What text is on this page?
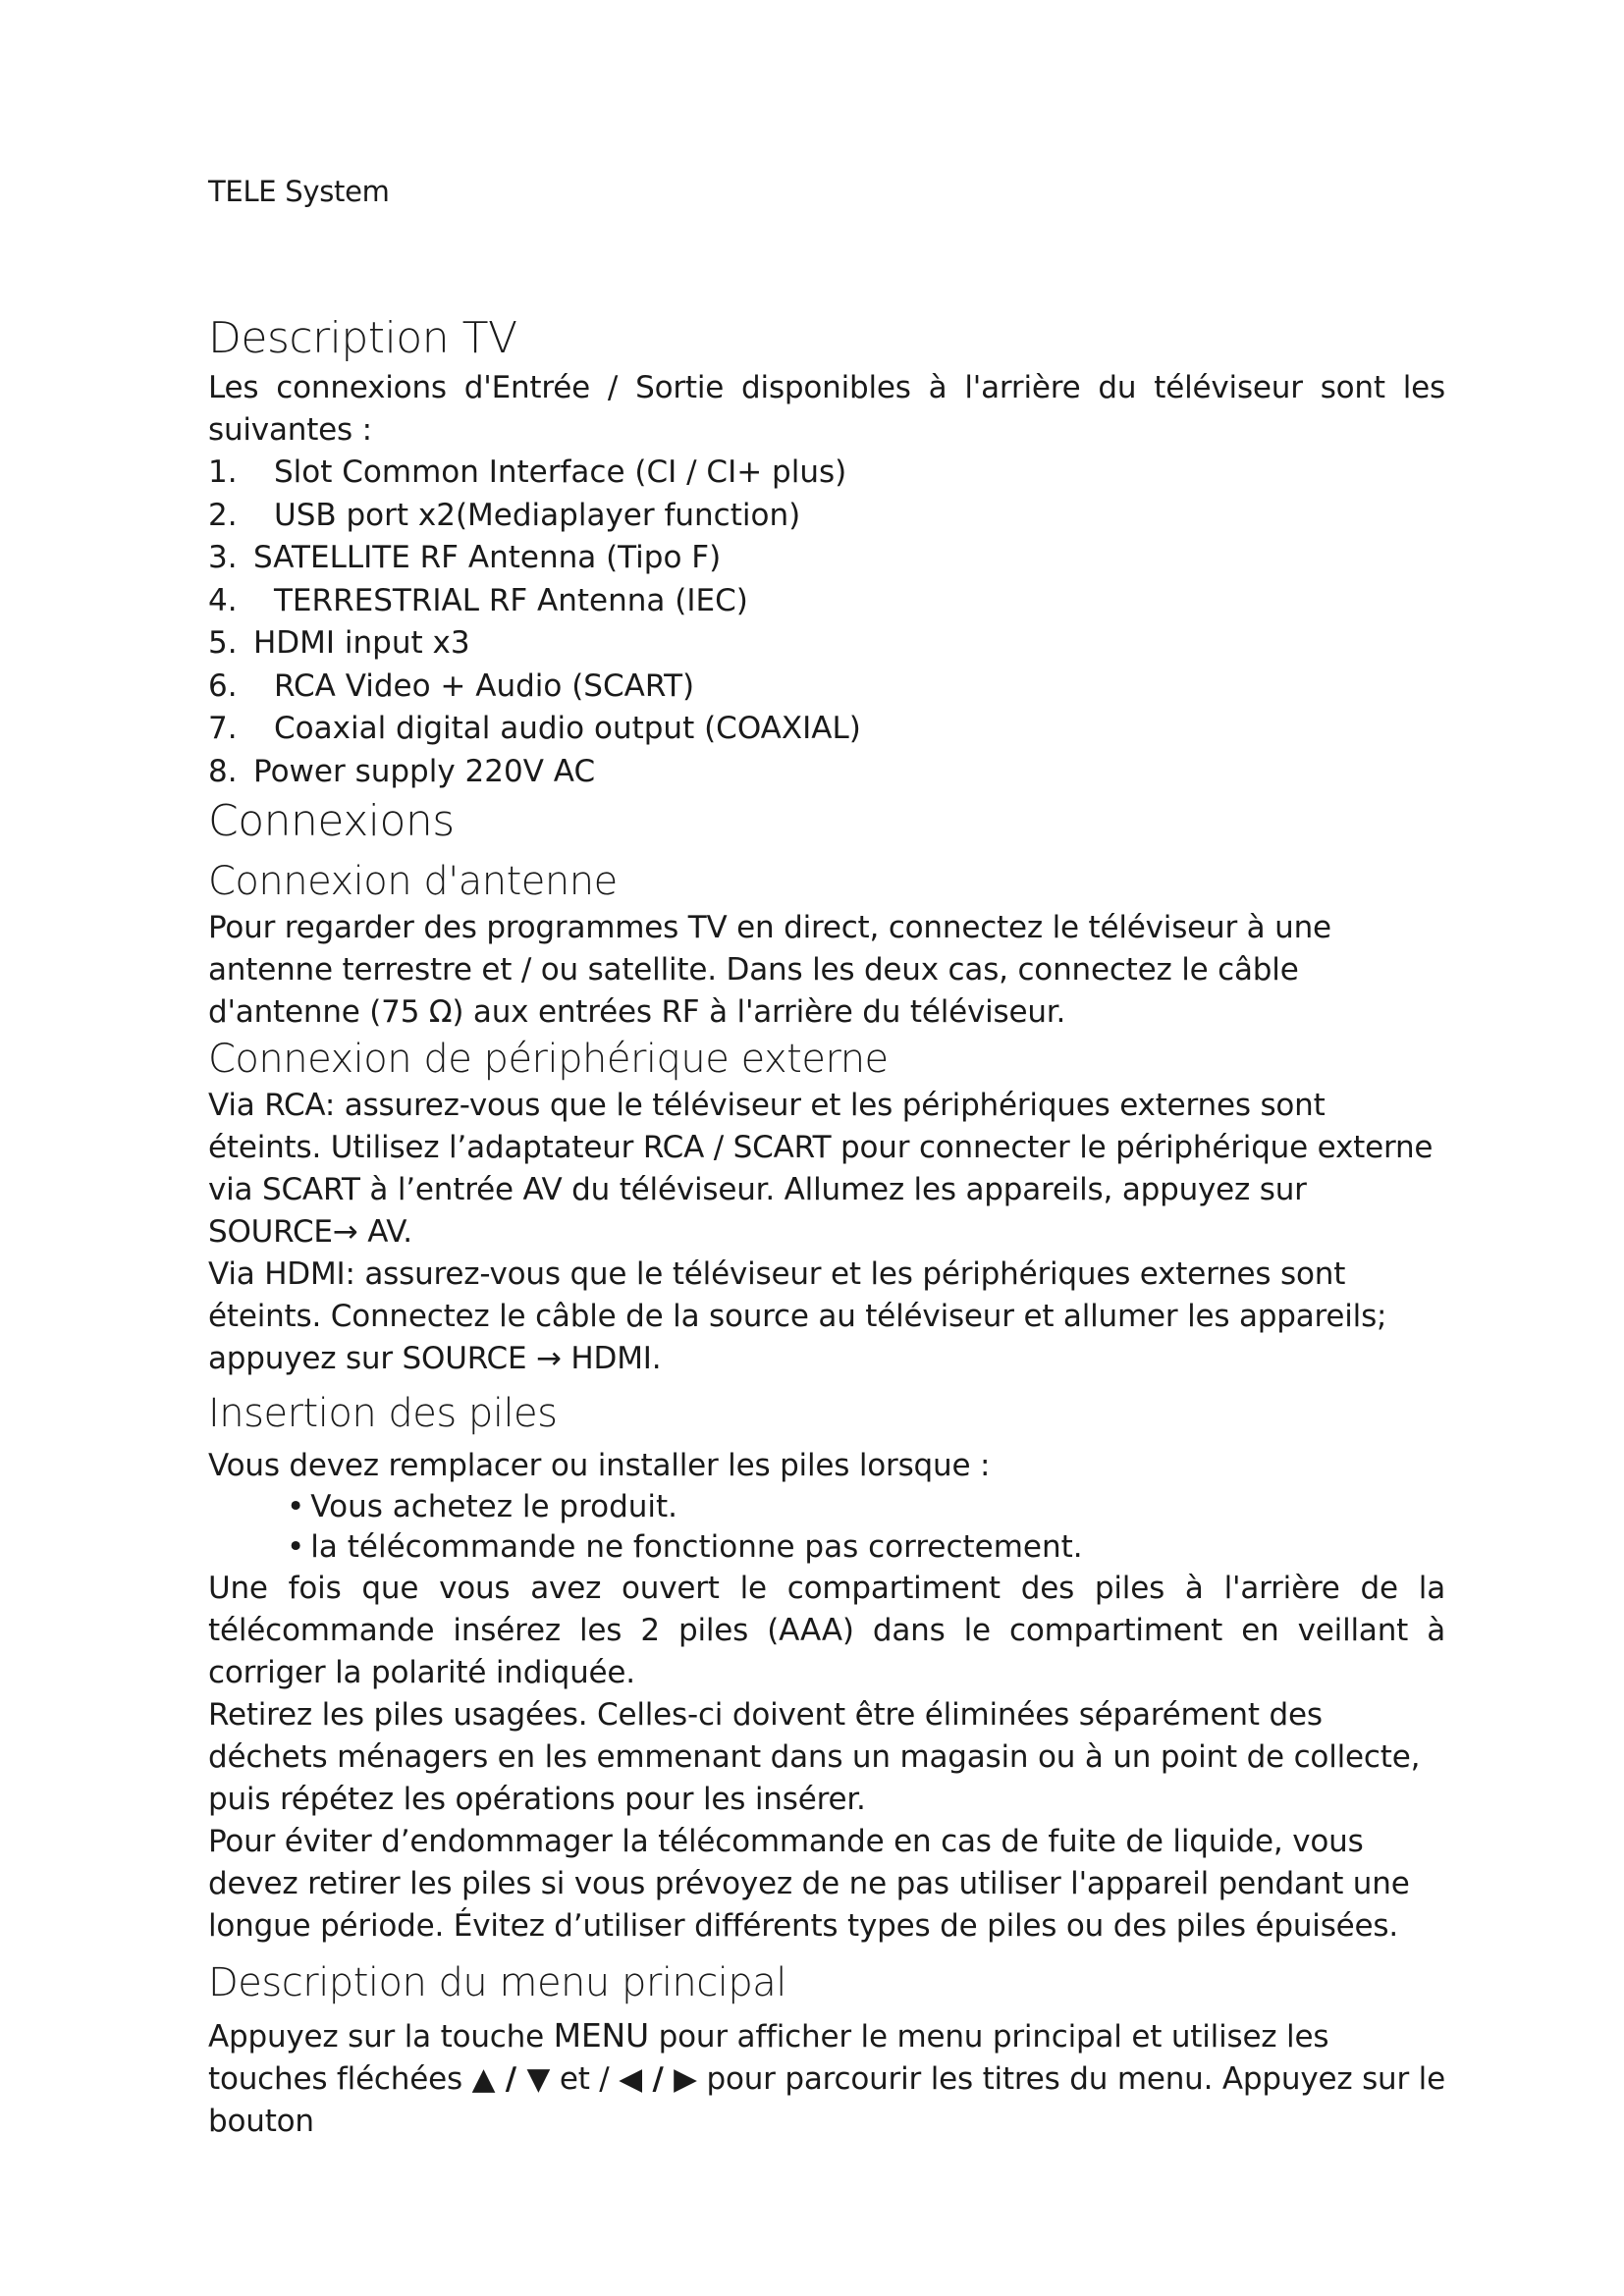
TELE System
Description TV

Les connexions d'Entrée / Sortie disponibles à l'arrière du téléviseur sont les suivantes :

1. Slot Common Interface (CI / CI+ plus)
2. USB port x2(Mediaplayer function)
3. SATELLITE RF Antenna (Tipo F)
4. TERRESTRIAL RF Antenna (IEC)
5. HDMI input x3
6. RCA Video + Audio (SCART)
7. Coaxial digital audio output (COAXIAL)
8. Power supply 220V AC
Connexions
Connexion d'antenne

Pour regarder des programmes TV en direct, connectez le téléviseur à une antenne terrestre et / ou satellite. Dans les deux cas, connectez le câble d'antenne (75 Ω) aux entrées RF à l'arrière du téléviseur.

Connexion de périphérique externe

Via RCA: assurez-vous que le téléviseur et les périphériques externes sont éteints. Utilisez l’adaptateur RCA / SCART pour connecter le périphérique externe via SCART à l’entrée AV du téléviseur. Allumez les appareils, appuyez sur SOURCE→ AV.

Via HDMI: assurez-vous que le téléviseur et les périphériques externes sont éteints. Connectez le câble de la source au téléviseur et allumer les appareils; appuyez sur SOURCE → HDMI.

Insertion des piles

Vous devez remplacer ou installer les piles lorsque :

• Vous achetez le produit.
• la télécommande ne fonctionne pas correctement.

Une fois que vous avez ouvert le compartiment des piles à l'arrière de la télécommande insérez les 2 piles (AAA) dans le compartiment en veillant à corriger la polarité indiquée.

Retirez les piles usagées. Celles-ci doivent être éliminées séparément des déchets ménagers en les emmenant dans un magasin ou à un point de collecte, puis répétez les opérations pour les insérer.

Pour éviter d’endommager la télécommande en cas de fuite de liquide, vous devez retirer les piles si vous prévoyez de ne pas utiliser l'appareil pendant une longue période. Évitez d’utiliser différents types de piles ou des piles épuisées.

Description du menu principal

Appuyez sur la touche MENU pour afficher le menu principal et utilisez les touches fléchées ▲ / ▼ et / ◀ / ▶ pour parcourir les titres du menu. Appuyez sur le bouton
